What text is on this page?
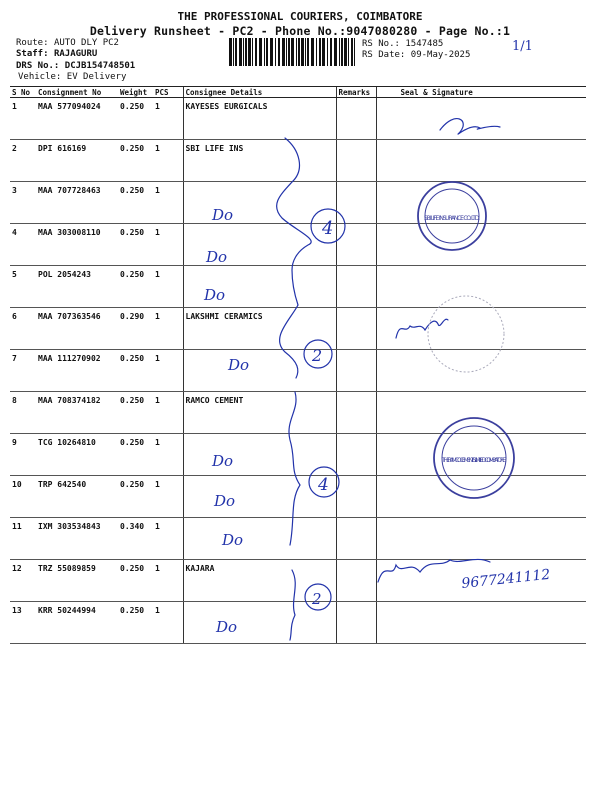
THE PROFESSIONAL COURIERS, COIMBATORE
Delivery Runsheet - PC2 - Phone No.:9047080280 - Page No.:1
Route: AUTO DLY PC2
Staff: RAJAGURU
DRS No.: DCJB154748501
Vehicle: EV Delivery
RS No.: 1547485
RS Date: 09-May-2025
S No	Consignment No	Weight	PCS	Consignee Details	Remarks	Seal & Signature
1	MAA 577094024	0.250	1	KAYESES EURGICALS		
2	DPI 616169	0.250	1	SBI LIFE INS		
3	MAA 707728463	0.250	1			
4	MAA 303008110	0.250	1			
5	POL 2054243	0.250	1			
6	MAA 707363546	0.290	1	LAKSHMI CERAMICS		
7	MAA 111270902	0.250	1			
8	MAA 708374182	0.250	1	RAMCO CEMENT		
9	TCG 10264810	0.250	1			
10	TRP 642540	0.250	1			
11	IXM 303534843	0.340	1			
12	TRZ 55089859	0.250	1	KAJARA		
13	KRR 50244994	0.250	1			
1/1
Do
Do
Do
Do
Do
Do
Do
Do
4
2
4
2
9677241112
SBI LIFE INSURANCE CO. LTD.
THE RAMCO CEMENTS LIMITED COIMBATORE
